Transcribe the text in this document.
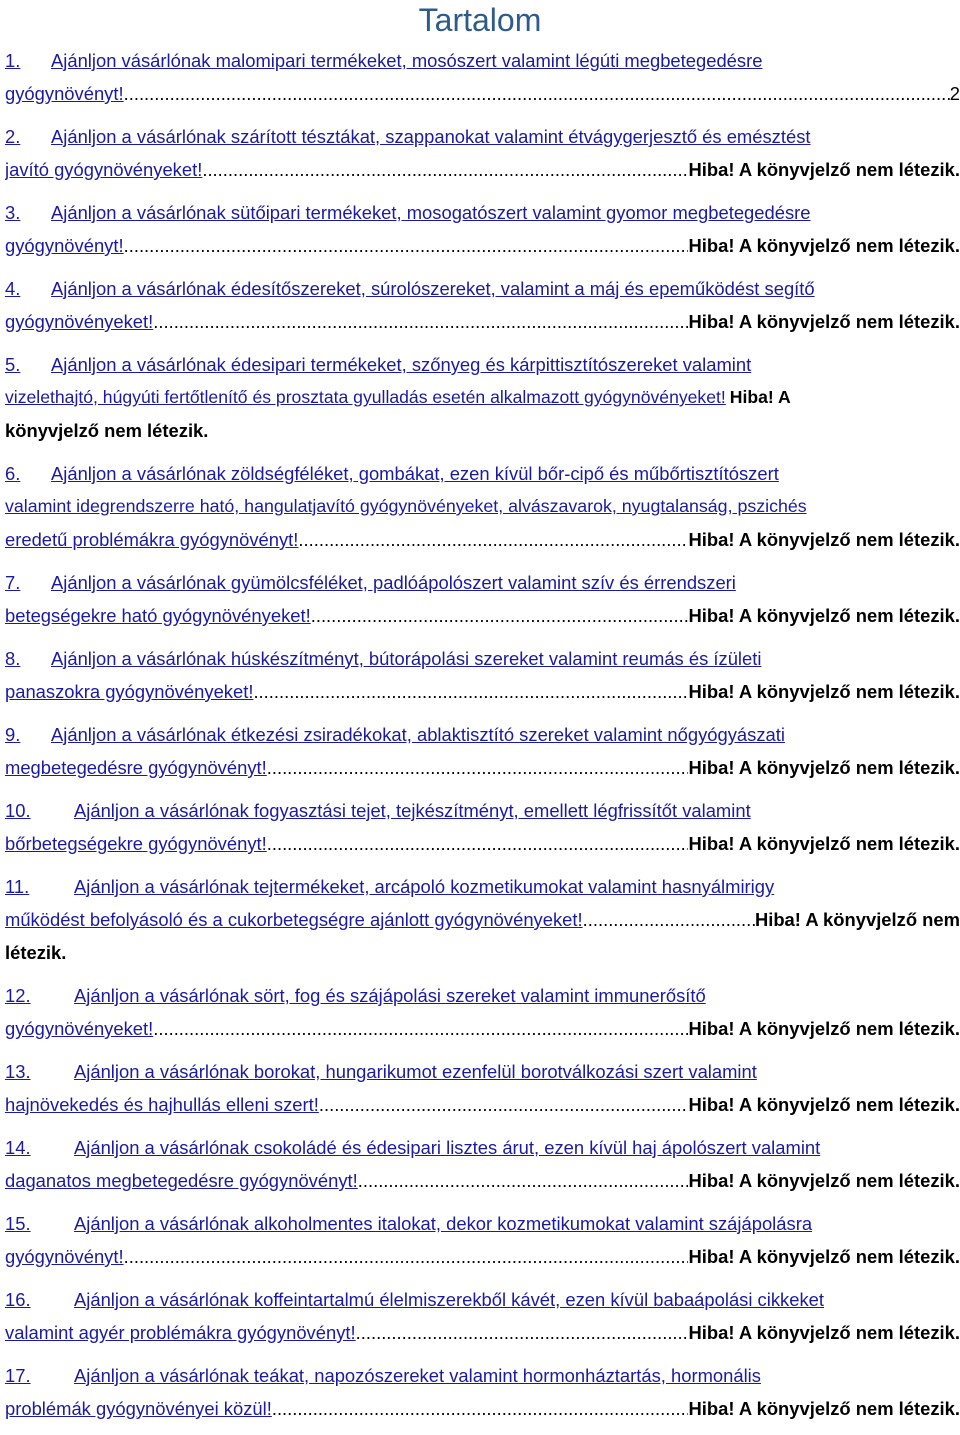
Tartalom
1. Ajánljon vásárlónak malomipari termékeket, mosószert valamint légúti megbetegedésre
gyógynövényt! .....	2
2. Ajánljon a vásárlónak szárított tésztákat, szappanokat valamint étvágygerjesztő és emésztést
javító gyógynövényeket! .....	Hiba! A könyvjelző nem létezik.
3. Ajánljon a vásárlónak sütőipari termékeket, mosogatószert valamint gyomor megbetegedésre
gyógynövényt! .....	Hiba! A könyvjelző nem létezik.
4. Ajánljon a vásárlónak édesítőszereket, súrolószereket, valamint a máj és epeműködést segítő
gyógynövényeket! .....	Hiba! A könyvjelző nem létezik.
5. Ajánljon a vásárlónak édesipari termékeket, szőnyeg és kárpittisztítószereket valamint
vizelethajtó, húgyúti fertőtlenítő és prosztata gyulladás esetén alkalmazott gyógynövényeket! Hiba! A
könyvjelző nem létezik.
6. Ajánljon a vásárlónak zöldségféléket, gombákat, ezen kívül bőr-cipő és műbőrtisztítószert
valamint idegrendszerre ható, hangulatjavító gyógynövényeket, alvászavarok, nyugtalanság, pszichés
eredetű problémákra gyógynövényt! .....	Hiba! A könyvjelző nem létezik.
7. Ajánljon a vásárlónak gyümölcsféléket, padlóápolószert valamint szív és érrendszeri
betegségekre ható gyógynövényeket! .....	Hiba! A könyvjelző nem létezik.
8. Ajánljon a vásárlónak húskészítményt, bútorápolási szereket valamint reumás és ízületi
panaszokra gyógynövényeket! .....	Hiba! A könyvjelző nem létezik.
9. Ajánljon a vásárlónak étkezési zsiradékokat, ablaktisztító szereket valamint nőgyógyászati
megbetegedésre gyógynövényt! .....	Hiba! A könyvjelző nem létezik.
10. Ajánljon a vásárlónak fogyasztási tejet, tejkészítményt, emellett légfrissítőt valamint
bőrbetegségekre gyógynövényt! .....	Hiba! A könyvjelző nem létezik.
11. Ajánljon a vásárlónak tejtermékeket, arcápoló kozmetikumokat valamint hasnyálmirigy
működést befolyásoló és a cukorbetegségre ajánlott gyógynövényeket! .....	Hiba! A könyvjelző nem
létezik.
12. Ajánljon a vásárlónak sört, fog és szájápolási szereket valamint immunerősítő
gyógynövényeket! .....	Hiba! A könyvjelző nem létezik.
13. Ajánljon a vásárlónak borokat, hungarikumot ezenfelül borotválkozási szert valamint
hajnövekedés és hajhullás elleni szert! .....	Hiba! A könyvjelző nem létezik.
14. Ajánljon a vásárlónak csokoládé és édesipari lisztes árut, ezen kívül haj ápolószert valamint
daganatos megbetegedésre gyógynövényt! .....	Hiba! A könyvjelző nem létezik.
15. Ajánljon a vásárlónak alkoholmentes italokat, dekor kozmetikumokat valamint szájápolásra
gyógynövényt! .....	Hiba! A könyvjelző nem létezik.
16. Ajánljon a vásárlónak koffeintartalmú élelmiszerekből kávét, ezen kívül babaápolási cikkeket
valamint agyér problémákra gyógynövényt! .....	Hiba! A könyvjelző nem létezik.
17. Ajánljon a vásárlónak teákat, napozószereket valamint hormonháztartás, hormonális
problémák gyógynövényei közül! .....	Hiba! A könyvjelző nem létezik.
